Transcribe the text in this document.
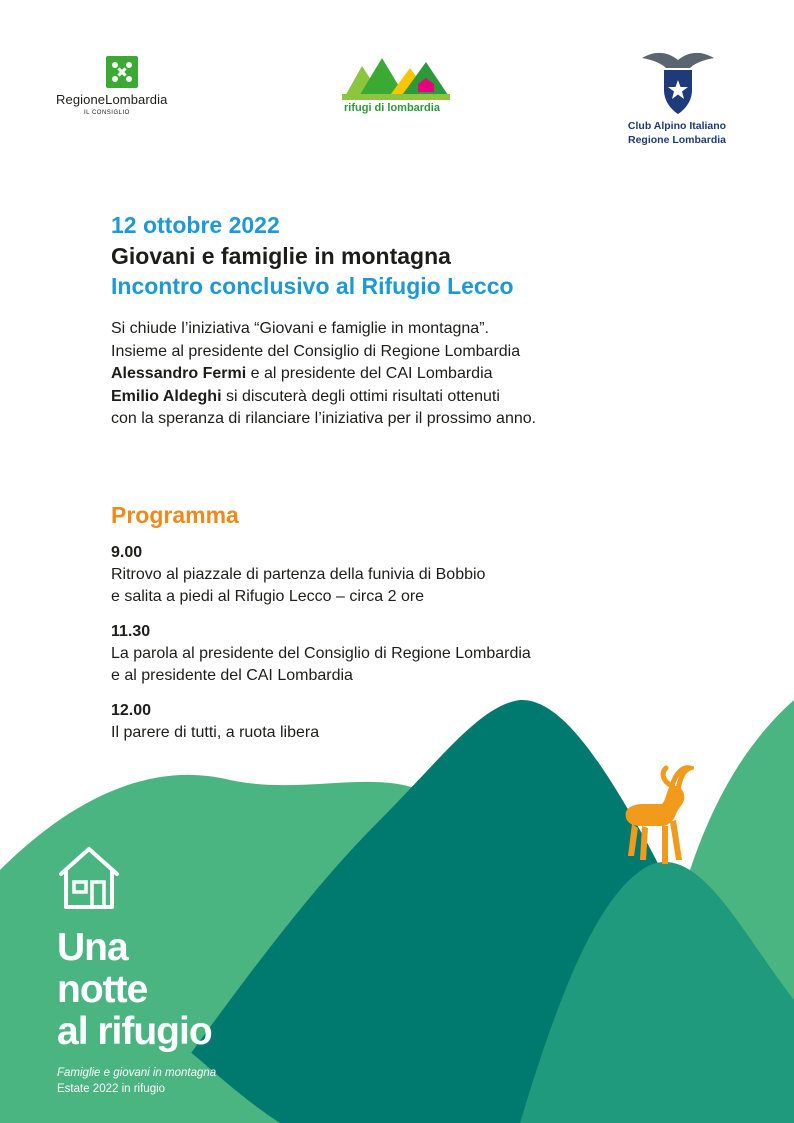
RegioneLombardia
IL CONSIGLIO	rifugi di lombardia
Club Alpino Italiano
Regione Lombardia
12 ottobre 2022
Giovani e famiglie in montagna
Incontro conclusivo al Rifugio Lecco
Si chiude l’iniziativa “Giovani e famiglie in montagna”.
Insieme al presidente del Consiglio di Regione Lombardia
Alessandro Fermi e al presidente del CAI Lombardia
Emilio Aldeghi si discuterà degli ottimi risultati ottenuti
con la speranza di rilanciare l’iniziativa per il prossimo anno.
Programma
9.00
Ritrovo al piazzale di partenza della funivia di Bobbio
e salita a piedi al Rifugio Lecco – circa 2 ore
11.30
La parola al presidente del Consiglio di Regione Lombardia
e al presidente del CAI Lombardia
12.00
Il parere di tutti, a ruota libera
Una
notte
al rifugio
Famiglie e giovani in montagna
Estate 2022 in rifugio
